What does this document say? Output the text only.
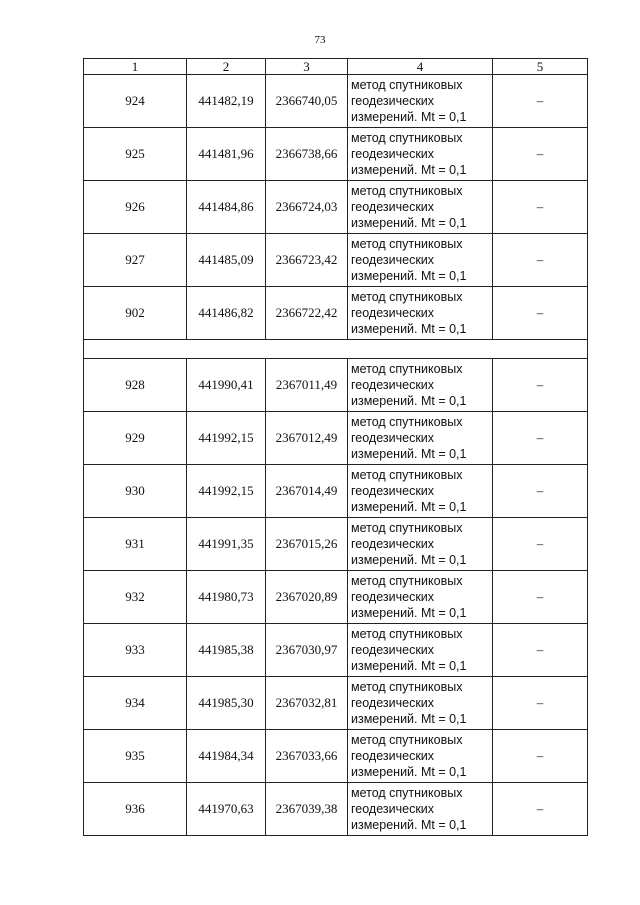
73
1	2	3	4	5
924	441482,19	2366740,05	метод спутниковых
геодезических
измерений. Mt = 0,1	–
925	441481,96	2366738,66	метод спутниковых
геодезических
измерений. Mt = 0,1	–
926	441484,86	2366724,03	метод спутниковых
геодезических
измерений. Mt = 0,1	–
927	441485,09	2366723,42	метод спутниковых
геодезических
измерений. Mt = 0,1	–
902	441486,82	2366722,42	метод спутниковых
геодезических
измерений. Mt = 0,1	–

928	441990,41	2367011,49	метод спутниковых
геодезических
измерений. Mt = 0,1	–
929	441992,15	2367012,49	метод спутниковых
геодезических
измерений. Mt = 0,1	–
930	441992,15	2367014,49	метод спутниковых
геодезических
измерений. Mt = 0,1	–
931	441991,35	2367015,26	метод спутниковых
геодезических
измерений. Mt = 0,1	–
932	441980,73	2367020,89	метод спутниковых
геодезических
измерений. Mt = 0,1	–
933	441985,38	2367030,97	метод спутниковых
геодезических
измерений. Mt = 0,1	–
934	441985,30	2367032,81	метод спутниковых
геодезических
измерений. Mt = 0,1	–
935	441984,34	2367033,66	метод спутниковых
геодезических
измерений. Mt = 0,1	–
936	441970,63	2367039,38	метод спутниковых
геодезических
измерений. Mt = 0,1	–
